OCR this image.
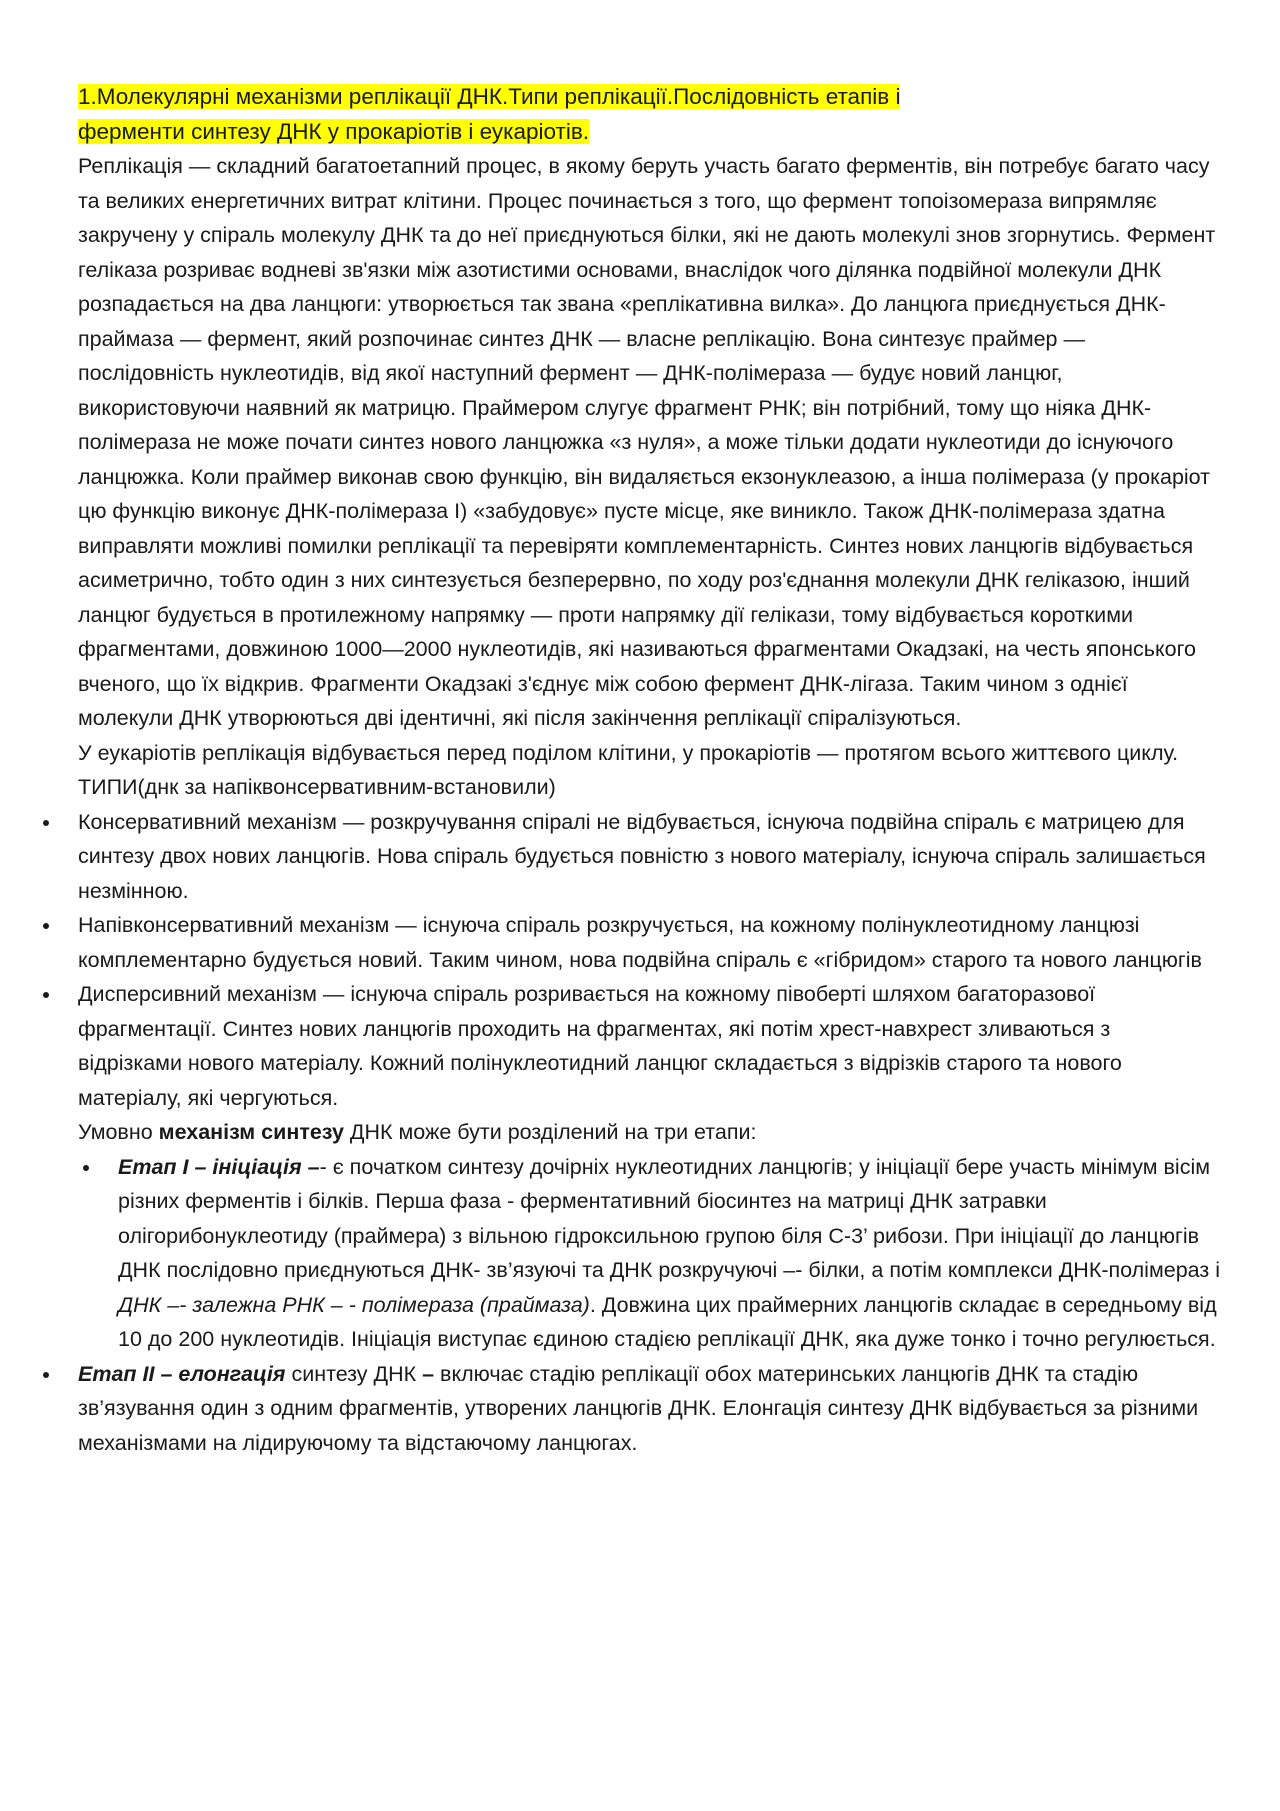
1.Молекулярні механізми реплікації ДНК.Типи реплікації.Послідовність етапів і
ферменти синтезу ДНК у прокаріотів і еукаріотів.

Реплікація — складний багатоетапний процес, в якому беруть участь багато ферментів, він потребує багато часу та великих енергетичних витрат клітини. Процес починається з того, що фермент топоізомераза випрямляє закручену у спіраль молекулу ДНК та до неї приєднуються білки, які не дають молекулі знов згорнутись. Фермент геліказа розриває водневі зв'язки між азотистими основами, внаслідок чого ділянка подвійної молекули ДНК розпадається на два ланцюги: утворюється так звана «реплікативна вилка». До ланцюга приєднується ДНК-праймаза — фермент, який розпочинає синтез ДНК — власне реплікацію. Вона синтезує праймер — послідовність нуклеотидів, від якої наступний фермент — ДНК-полімераза — будує новий ланцюг, використовуючи наявний як матрицю. Праймером слугує фрагмент РНК; він потрібний, тому що ніяка ДНК-полімераза не може почати синтез нового ланцюжка «з нуля», а може тільки додати нуклеотиди до існуючого ланцюжка. Коли праймер виконав свою функцію, він видаляється екзонуклеазою, а інша полімераза (у прокаріот цю функцію виконує ДНК-полімераза I) «забудовує» пусте місце, яке виникло. Також ДНК-полімераза здатна виправляти можливі помилки реплікації та перевіряти комплементарність. Синтез нових ланцюгів відбувається асиметрично, тобто один з них синтезується безперервно, по ходу роз'єднання молекули ДНК геліказою, інший ланцюг будується в протилежному напрямку — проти напрямку дії гелікази, тому відбувається короткими фрагментами, довжиною 1000—2000 нуклеотидів, які називаються фрагментами Окадзакі, на честь японського вченого, що їх відкрив. Фрагменти Окадзакі з'єднує між собою фермент ДНК-лігаза. Таким чином з однієї молекули ДНК утворюються дві ідентичні, які після закінчення реплікації спіралізуються.

У еукаріотів реплікація відбувається перед поділом клітини, у прокаріотів — протягом всього життєвого циклу.

ТИПИ(днк за напіквонсервативним-встановили)

Консервативний механізм — розкручування спіралі не відбувається, існуюча подвійна спіраль є матрицею для синтезу двох нових ланцюгів. Нова спіраль будується повністю з нового матеріалу, існуюча спіраль залишається незмінною.
Напівконсервативний механізм — існуюча спіраль розкручується, на кожному полінуклеотидному ланцюзі комплементарно будується новий. Таким чином, нова подвійна спіраль є «гібридом» старого та нового ланцюгів
Дисперсивний механізм — існуюча спіраль розривається на кожному півоберті шляхом багаторазової фрагментації. Синтез нових ланцюгів проходить на фрагментах, які потім хрест-навхрест зливаються з відрізками нового матеріалу. Кожний полінуклеотидний ланцюг складається з відрізків старого та нового матеріалу, які чергуються.

Умовно механізм синтезу ДНК може бути розділений на три етапи:

Етап I – ініціація –- є початком синтезу дочірніх нуклеотидних ланцюгів; у ініціації бере участь мінімум вісім різних ферментів і білків. Перша фаза - ферментативний біосинтез на матриці ДНК затравки олігорибонуклеотиду (праймера) з вільною гідроксильною групою біля С-3’ рибози. При ініціації до ланцюгів ДНК послідовно приєднуються ДНК- зв’язуючі та ДНК розкручуючі –- білки, а потім комплекси ДНК-полімераз і ДНК –- залежна РНК – - полімераза (праймаза). Довжина цих праймерних ланцюгів складає в середньому від 10 до 200 нуклеотидів. Ініціація виступає єдиною стадією реплікації ДНК, яка дуже тонко і точно регулюється.
Етап II – елонгація синтезу ДНК – включає стадію реплікації обох материнських ланцюгів ДНК та стадію зв’язування один з одним фрагментів, утворених ланцюгів ДНК. Елонгація синтезу ДНК відбувається за різними механізмами на лідируючому та відстаючому ланцюгах.
